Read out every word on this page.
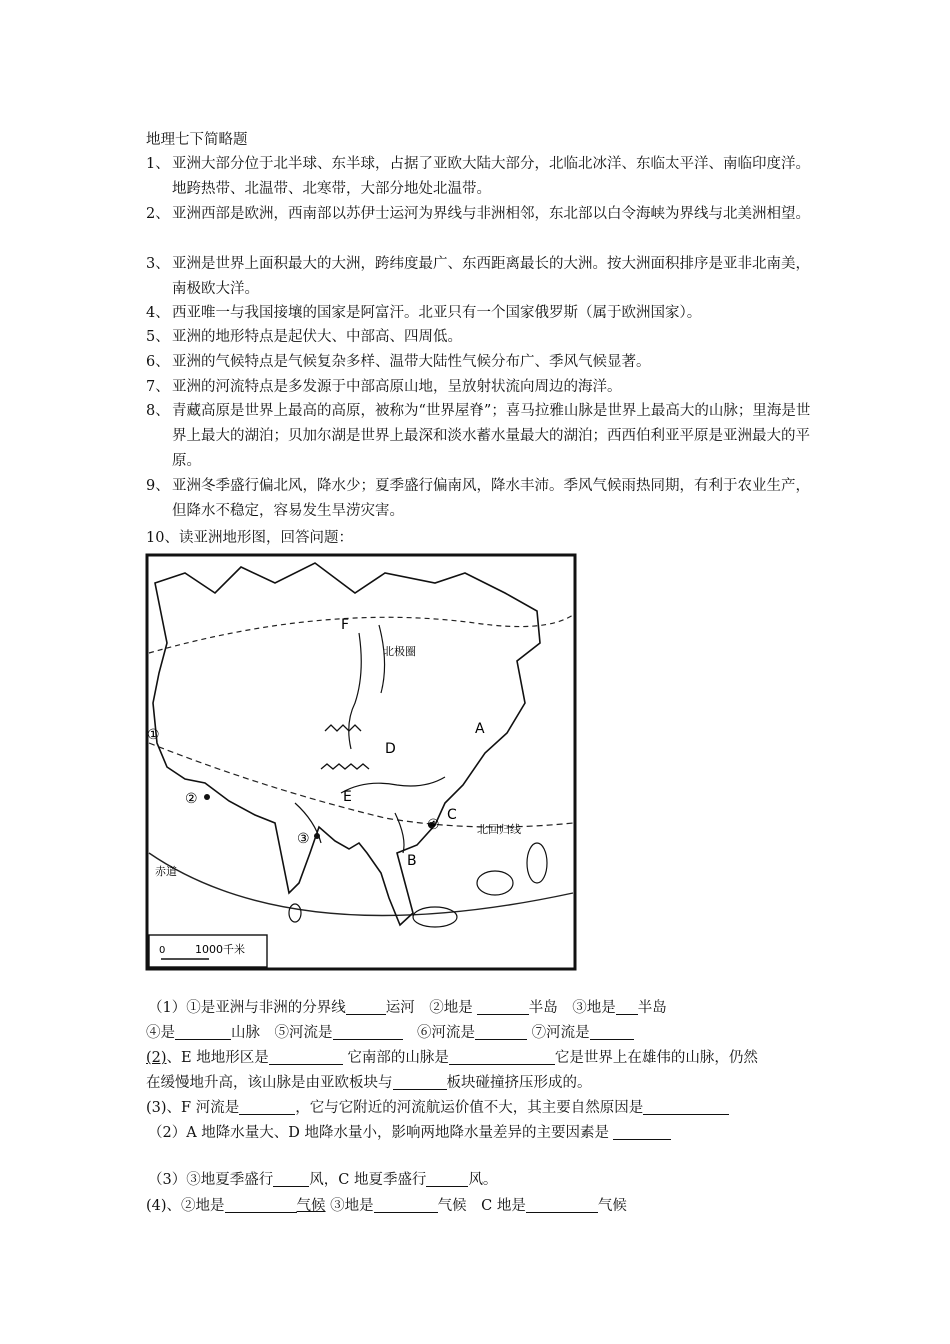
地理七下简略题
1、 亚洲大部分位于北半球、东半球，占据了亚欧大陆大部分，北临北冰洋、东临太平洋、南临印度洋。地跨热带、北温带、北寒带，大部分地处北温带。
2、 亚洲西部是欧洲，西南部以苏伊士运河为界线与非洲相邻，东北部以白令海峡为界线与北美洲相望。
3、 亚洲是世界上面积最大的大洲，跨纬度最广、东西距离最长的大洲。按大洲面积排序是亚非北南美，南极欧大洋。
4、 西亚唯一与我国接壤的国家是阿富汗。北亚只有一个国家俄罗斯（属于欧洲国家）。
5、 亚洲的地形特点是起伏大、中部高、四周低。
6、 亚洲的气候特点是气候复杂多样、温带大陆性气候分布广、季风气候显著。
7、 亚洲的河流特点是多发源于中部高原山地，呈放射状流向周边的海洋。
8、 青藏高原是世界上最高的高原，被称为“世界屋脊”；喜马拉雅山脉是世界上最高大的山脉；里海是世界上最大的湖泊；贝加尔湖是世界上最深和淡水蓄水量最大的湖泊；西西伯利亚平原是亚洲最大的平原。
9、 亚洲冬季盛行偏北风，降水少；夏季盛行偏南风，降水丰沛。季风气候雨热同期，有利于农业生产，但降水不稳定，容易发生旱涝灾害。
10、读亚洲地形图，回答问题：
F
北极圈
D
A
①
②	E
C
③
④	北回归线
B
赤道
0	1000千米
（1）①是亚洲与非洲的分界线	运河　②地是	半岛　③地是 半岛
④是	山脉　⑤河流是	　⑥河流是	⑦河流是
(2)、E 地地形区是	它南部的山脉是	它是世界上在雄伟的山脉，仍然
在缓慢地升高，该山脉是由亚欧板块与	板块碰撞挤压形成的。
(3)、F 河流是	，它与它附近的河流航运价值不大，其主要自然原因是
（2）A 地降水量大、D 地降水量小，影响两地降水量差异的主要因素是
（3）③地夏季盛行 风，C 地夏季盛行	风。
(4)、②地是	气候 ③地是	气候　C 地是	气候
